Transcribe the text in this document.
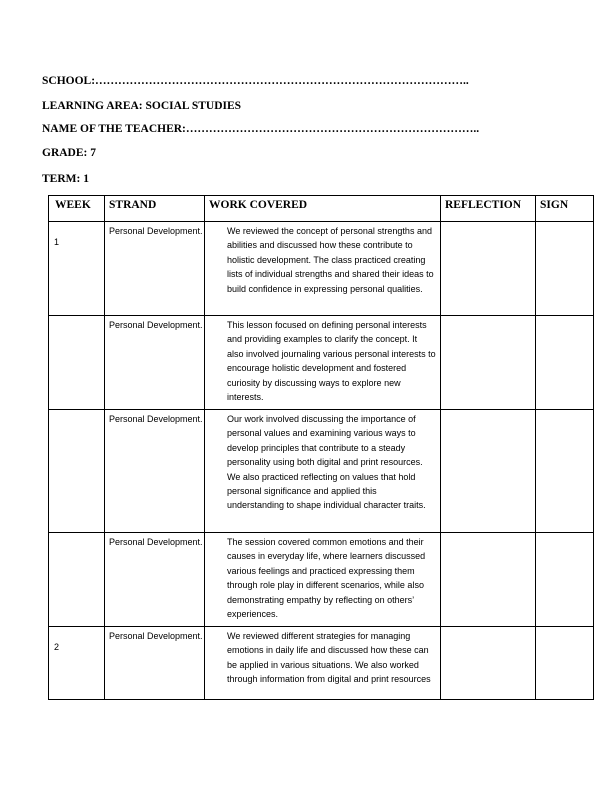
SCHOOL:……………………………………………………………………………………..
LEARNING AREA: SOCIAL STUDIES
NAME OF THE TEACHER:…………………………………………………………………..
GRADE: 7
TERM: 1
WEEK	STRAND	WORK COVERED	REFLECTION	SIGN

1	Personal Development.	We reviewed the concept of personal strengths and abilities and discussed how these contribute to holistic development. The class practiced creating lists of individual strengths and shared their ideas to build confidence in expressing personal qualities.		

	Personal Development.	This lesson focused on defining personal interests and providing examples to clarify the concept. It also involved journaling various personal interests to encourage holistic development and fostered curiosity by discussing ways to explore new interests.		

	Personal Development.	Our work involved discussing the importance of personal values and examining various ways to develop principles that contribute to a steady personality using both digital and print resources. We also practiced reflecting on values that hold personal significance and applied this understanding to shape individual character traits.		

	Personal Development.	The session covered common emotions and their causes in everyday life, where learners discussed various feelings and practiced expressing them through role play in different scenarios, while also demonstrating empathy by reflecting on others’ experiences.		

2	Personal Development.	We reviewed different strategies for managing emotions in daily life and discussed how these can be applied in various situations. We also worked through information from digital and print resources		
